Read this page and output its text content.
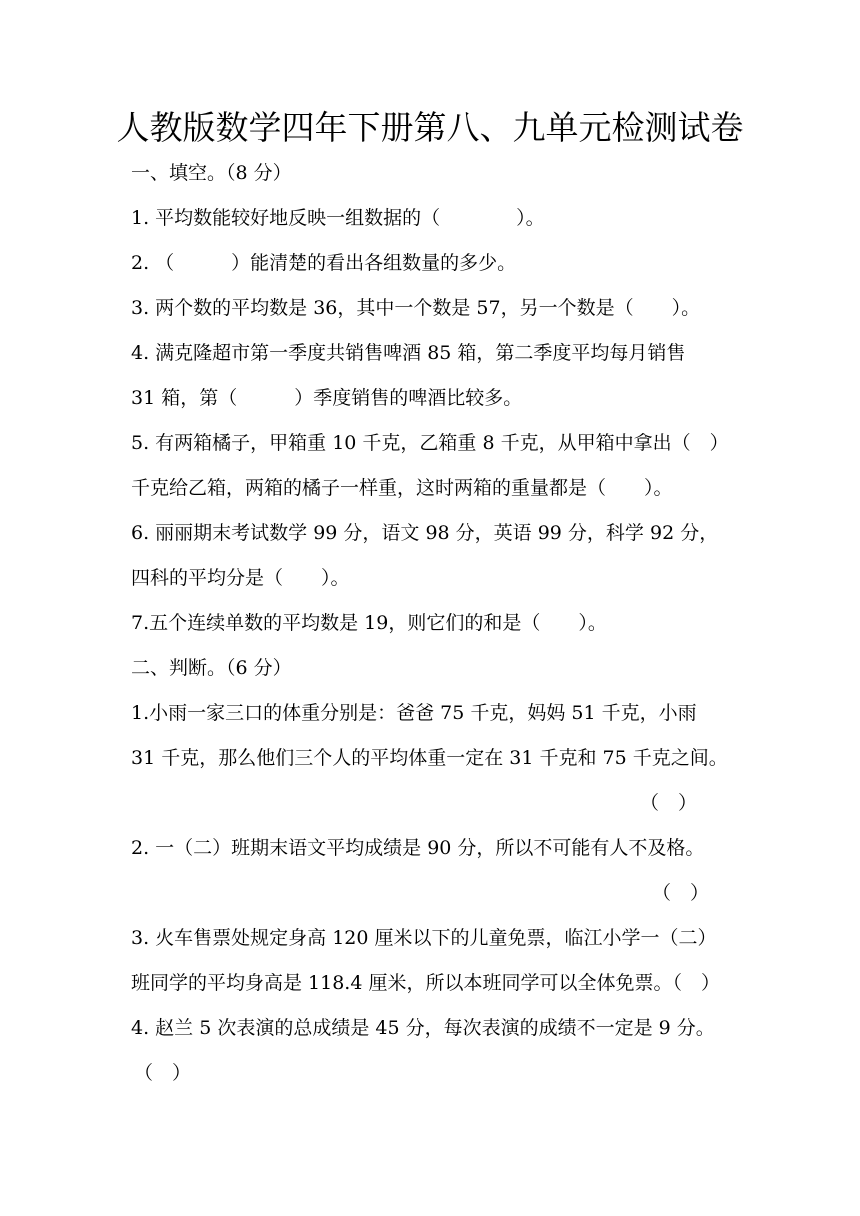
人教版数学四年下册第八、九单元检测试卷
一、填空。（8 分）
1. 平均数能较好地反映一组数据的（　　　　）。
2. （　　　）能清楚的看出各组数量的多少。
3. 两个数的平均数是 36，其中一个数是 57，另一个数是（　　）。
4. 满克隆超市第一季度共销售啤酒 85 箱，第二季度平均每月销售
31 箱，第（　　　）季度销售的啤酒比较多。
5. 有两箱橘子，甲箱重 10 千克，乙箱重 8 千克，从甲箱中拿出（　）
千克给乙箱，两箱的橘子一样重，这时两箱的重量都是（　　）。
6. 丽丽期末考试数学 99 分，语文 98 分，英语 99 分，科学 92 分，
四科的平均分是（　　）。
7.五个连续单数的平均数是 19，则它们的和是（　　）。
二、判断。（6 分）
1.小雨一家三口的体重分别是：爸爸 75 千克，妈妈 51 千克，小雨
31 千克，那么他们三个人的平均体重一定在 31 千克和 75 千克之间。
（　）
2. 一（二）班期末语文平均成绩是 90 分，所以不可能有人不及格。
（　）
3. 火车售票处规定身高 120 厘米以下的儿童免票，临江小学一（二）
班同学的平均身高是 118.4 厘米，所以本班同学可以全体免票。（　）
4. 赵兰 5 次表演的总成绩是 45 分，每次表演的成绩不一定是 9 分。
（　）
